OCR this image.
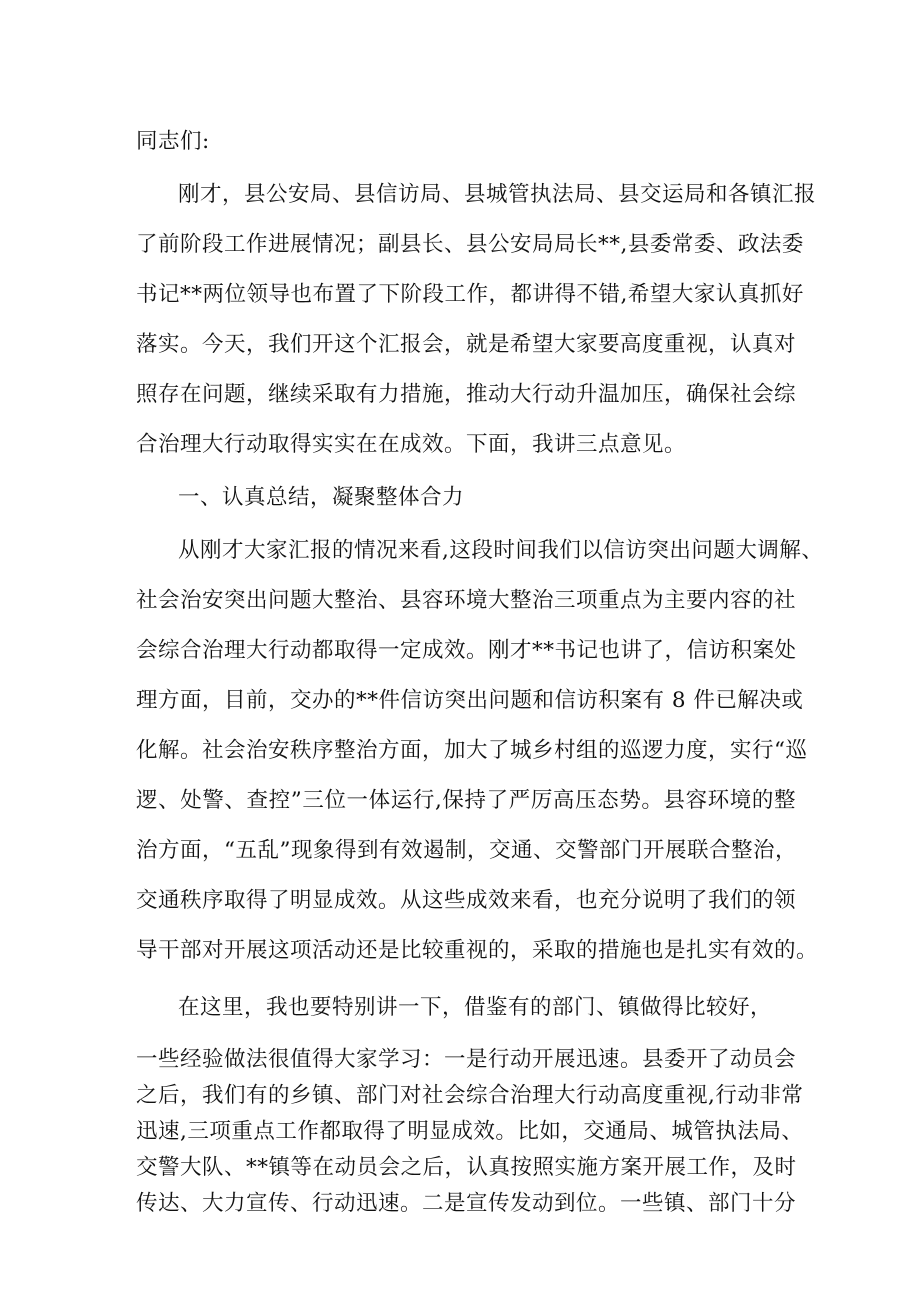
同志们:
刚才，县公安局、县信访局、县城管执法局、县交运局和各镇汇报
了前阶段工作进展情况；副县长、县公安局局长**,县委常委、政法委
书记**两位领导也布置了下阶段工作，都讲得不错,希望大家认真抓好
落实。今天，我们开这个汇报会，就是希望大家要高度重视，认真对
照存在问题，继续采取有力措施，推动大行动升温加压，确保社会综
合治理大行动取得实实在在成效。下面，我讲三点意见。
一、认真总结，凝聚整体合力
从刚才大家汇报的情况来看,这段时间我们以信访突出问题大调解、
社会治安突出问题大整治、县容环境大整治三项重点为主要内容的社
会综合治理大行动都取得一定成效。刚才**书记也讲了，信访积案处
理方面，目前，交办的**件信访突出问题和信访积案有 8 件已解决或
化解。社会治安秩序整治方面，加大了城乡村组的巡逻力度，实行“巡
逻、处警、查控”三位一体运行,保持了严厉高压态势。县容环境的整
治方面，“五乱”现象得到有效遏制，交通、交警部门开展联合整治，
交通秩序取得了明显成效。从这些成效来看，也充分说明了我们的领
导干部对开展这项活动还是比较重视的，采取的措施也是扎实有效的。
在这里，我也要特别讲一下，借鉴有的部门、镇做得比较好，
一些经验做法很值得大家学习：一是行动开展迅速。县委开了动员会
之后，我们有的乡镇、部门对社会综合治理大行动高度重视,行动非常
迅速,三项重点工作都取得了明显成效。比如，交通局、城管执法局、
交警大队、**镇等在动员会之后，认真按照实施方案开展工作，及时
传达、大力宣传、行动迅速。二是宣传发动到位。一些镇、部门十分
